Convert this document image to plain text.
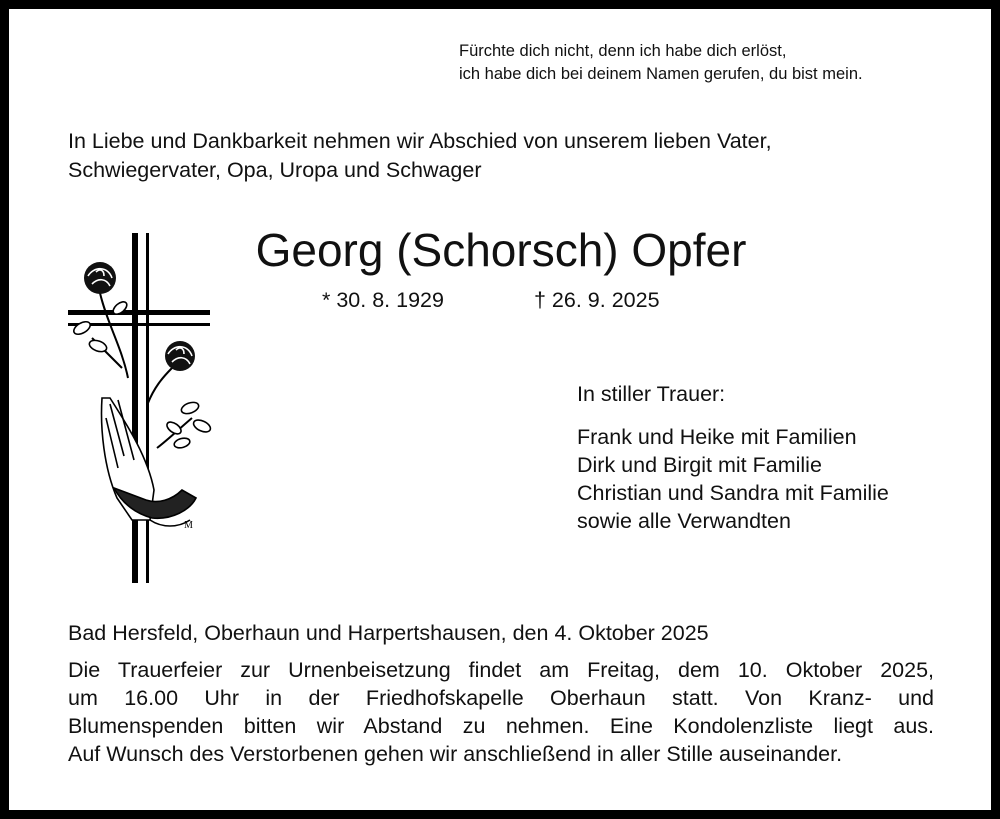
Fürchte dich nicht, denn ich habe dich erlöst,
ich habe dich bei deinem Namen gerufen, du bist mein.
In Liebe und Dankbarkeit nehmen wir Abschied von unserem lieben Vater,
Schwiegervater, Opa, Uropa und Schwager
Georg (Schorsch) Opfer
* 30. 8. 1929	† 26. 9. 2025
M
In stiller Trauer:
Frank und Heike mit Familien
Dirk und Birgit mit Familie
Christian und Sandra mit Familie
sowie alle Verwandten
Bad Hersfeld, Oberhaun und Harpertshausen, den 4. Oktober 2025
Die Trauerfeier zur Urnenbeisetzung findet am Freitag, dem 10. Oktober 2025,
um 16.00 Uhr in der Friedhofskapelle Oberhaun statt. Von Kranz- und
Blumenspenden bitten wir Abstand zu nehmen. Eine Kondolenzliste liegt aus.
Auf Wunsch des Verstorbenen gehen wir anschließend in aller Stille auseinander.
